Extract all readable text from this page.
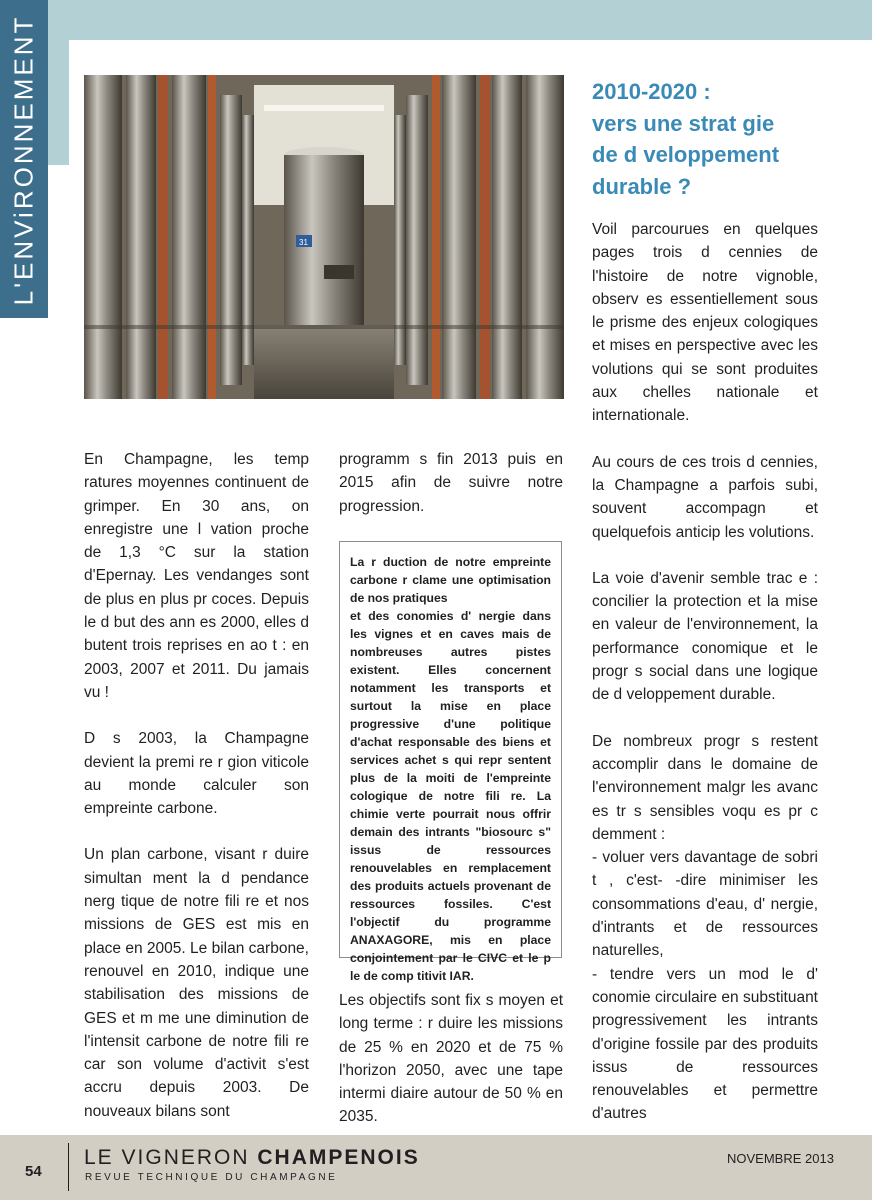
L'ENViRONNEMENT	31
2010-2020 :
vers une strat gie
de d veloppement
durable ?

En Champagne, les temp ratures moyennes continuent de grimper. En 30 ans, on enregistre une l vation proche de 1,3 °C sur la station d'Epernay. Les vendanges sont de plus en plus pr coces. Depuis le d but des ann es 2000, elles d butent trois reprises en ao t : en 2003, 2007 et 2011. Du jamais vu !

D s 2003, la Champagne devient la premi re r gion viticole au monde calculer son empreinte carbone.

Un plan carbone, visant r duire simultan ment la d pendance nerg tique de notre fili re et nos missions de GES est mis en place en 2005. Le bilan carbone, renouvel en 2010, indique une stabilisation des missions de GES et m me une diminution de l'intensit carbone de notre fili re car son volume d'activit s'est accru depuis 2003. De nouveaux bilans sont

programm s fin 2013 puis en 2015 afin de suivre notre progression.

La r duction de notre empreinte carbone r clame une optimisation de nos pratiques

et des conomies d' nergie dans les vignes et en caves mais de nombreuses autres pistes existent. Elles concernent notamment les transports et surtout la mise en place progressive d'une politique d'achat responsable des biens et services achet s qui repr sentent plus de la moiti de l'empreinte cologique de notre fili re. La chimie verte pourrait nous offrir demain des intrants "biosourc s" issus de ressources renouvelables en remplacement des produits actuels provenant de ressources fossiles. C'est l'objectif du programme ANAXAGORE, mis en place conjointement par le CIVC et le p le de comp titivit IAR.

Les objectifs sont fix s moyen et long terme : r duire les missions de 25 % en 2020 et de 75 % l'horizon 2050, avec une tape intermi diaire autour de 50 % en 2035.

Voil parcourues en quelques pages trois d cennies de l'histoire de notre vignoble, observ es essentiellement sous le prisme des enjeux cologiques et mises en perspective avec les volutions qui se sont produites aux chelles nationale et internationale.

Au cours de ces trois d cennies, la Champagne a parfois subi, souvent accompagn et quelquefois anticip les volutions.

La voie d'avenir semble trac e : concilier la protection et la mise en valeur de l'environnement, la performance conomique et le progr s social dans une logique de d veloppement durable.

De nombreux progr s restent accomplir dans le domaine de l'environnement malgr les avanc es tr s sensibles voqu es pr c demment :

- voluer vers davantage de sobri t , c'est- -dire minimiser les consommations d'eau, d' nergie, d'intrants et de ressources naturelles,

- tendre vers un mod le d' conomie circulaire en substituant progressivement les intrants d'origine fossile par des produits issus de ressources renouvelables et permettre d'autres

54
LE VIGNERON CHAMPENOIS
REVUE TECHNIQUE DU CHAMPAGNE
NOVEMBRE 2013
